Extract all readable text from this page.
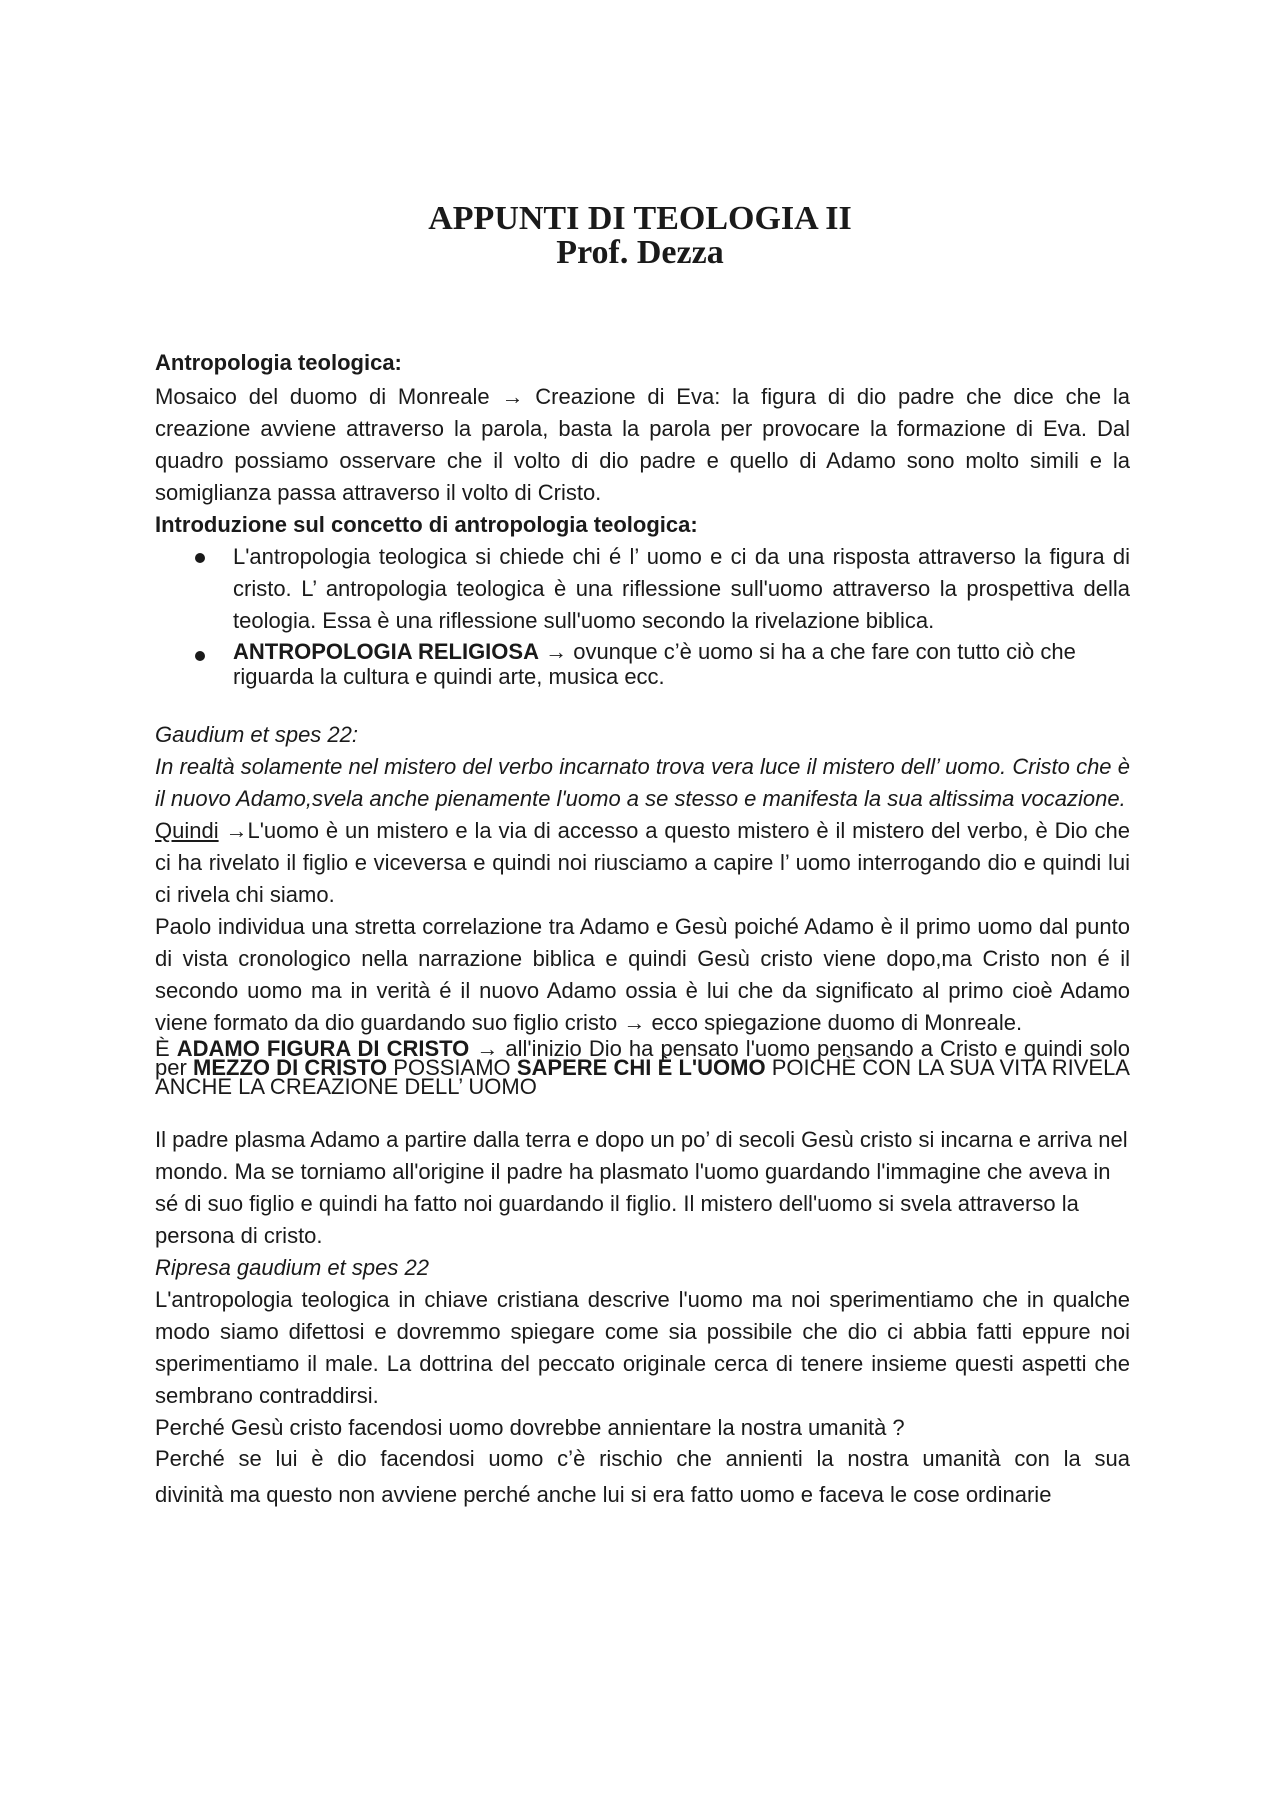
APPUNTI DI TEOLOGIA II
Prof. Dezza
Antropologia teologica:
Mosaico del duomo di Monreale → Creazione di Eva: la figura di dio padre che dice che la creazione avviene attraverso la parola, basta la parola per provocare la formazione di Eva. Dal quadro possiamo osservare che il volto di dio padre e quello di Adamo sono molto simili e la somiglianza passa attraverso il volto di Cristo.
Introduzione sul concetto di antropologia teologica:
L'antropologia teologica si chiede chi é l’ uomo e ci da una risposta attraverso la figura di cristo. L’ antropologia teologica è una riflessione sull'uomo attraverso la prospettiva della teologia. Essa è una riflessione sull'uomo secondo la rivelazione biblica.
ANTROPOLOGIA RELIGIOSA → ovunque c’è uomo si ha a che fare con tutto ciò che riguarda la cultura e quindi arte, musica ecc.
Gaudium et spes 22:
In realtà solamente nel mistero del verbo incarnato trova vera luce il mistero dell’ uomo. Cristo che è il nuovo Adamo,svela anche pienamente l'uomo a se stesso e manifesta la sua altissima vocazione.
Quindi →L'uomo è un mistero e la via di accesso a questo mistero è il mistero del verbo, è Dio che ci ha rivelato il figlio e viceversa e quindi noi riusciamo a capire l’ uomo interrogando dio e quindi lui ci rivela chi siamo.
Paolo individua una stretta correlazione tra Adamo e Gesù poiché Adamo è il primo uomo dal punto di vista cronologico nella narrazione biblica e quindi Gesù cristo viene dopo,ma Cristo non é il secondo uomo ma in verità é il nuovo Adamo ossia è lui che da significato al primo cioè Adamo viene formato da dio guardando suo figlio cristo → ecco spiegazione duomo di Monreale.
È ADAMO FIGURA DI CRISTO → all'inizio Dio ha pensato l'uomo pensando a Cristo e quindi solo per MEZZO DI CRISTO POSSIAMO SAPERE CHI È L'UOMO POICHÈ CON LA SUA VITA RIVELA ANCHE LA CREAZIONE DELL’ UOMO
Il padre plasma Adamo a partire dalla terra e dopo un po’ di secoli Gesù cristo si incarna e arriva nel mondo. Ma se torniamo all'origine il padre ha plasmato l'uomo guardando l'immagine che aveva in sé di suo figlio e quindi ha fatto noi guardando il figlio. Il mistero dell'uomo si svela attraverso la persona di cristo.
Ripresa gaudium et spes 22
L'antropologia teologica in chiave cristiana descrive l'uomo ma noi sperimentiamo che in qualche modo siamo difettosi e dovremmo spiegare come sia possibile che dio ci abbia fatti eppure noi sperimentiamo il male. La dottrina del peccato originale cerca di tenere insieme questi aspetti che sembrano contraddirsi.
Perché Gesù cristo facendosi uomo dovrebbe annientare la nostra umanità ?
Perché se lui è dio facendosi uomo c’è rischio che annienti la nostra umanità con la sua
divinità ma questo non avviene perché anche lui si era fatto uomo e faceva le cose ordinarie
